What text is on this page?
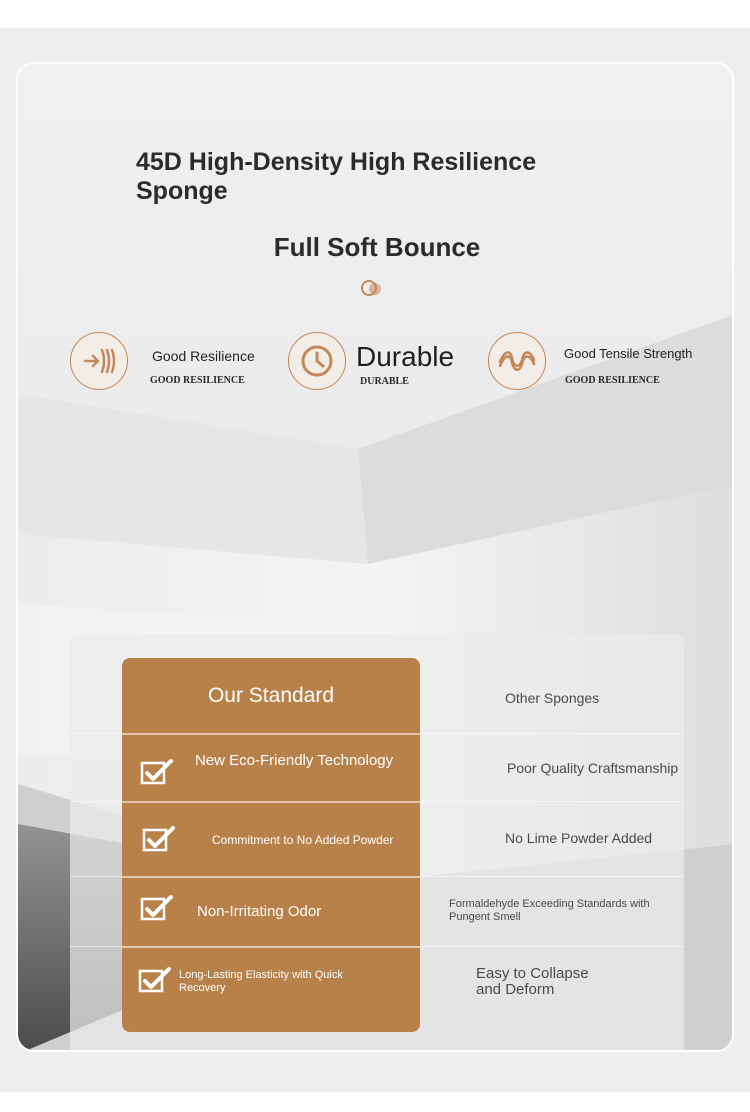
45D High-Density High Resilience Sponge
Full Soft Bounce
Good Resilience
GOOD RESILIENCE
Durable
DURABLE
Good Tensile Strength
GOOD RESILIENCE
Our Standard
New Eco-Friendly Technology
Commitment to No Added Powder
Non-Irritating Odor
Long-Lasting Elasticity with Quick Recovery
Other Sponges
Poor Quality Craftsmanship
No Lime Powder Added
Formaldehyde Exceeding Standards with Pungent Smell
Easy to Collapse and Deform
